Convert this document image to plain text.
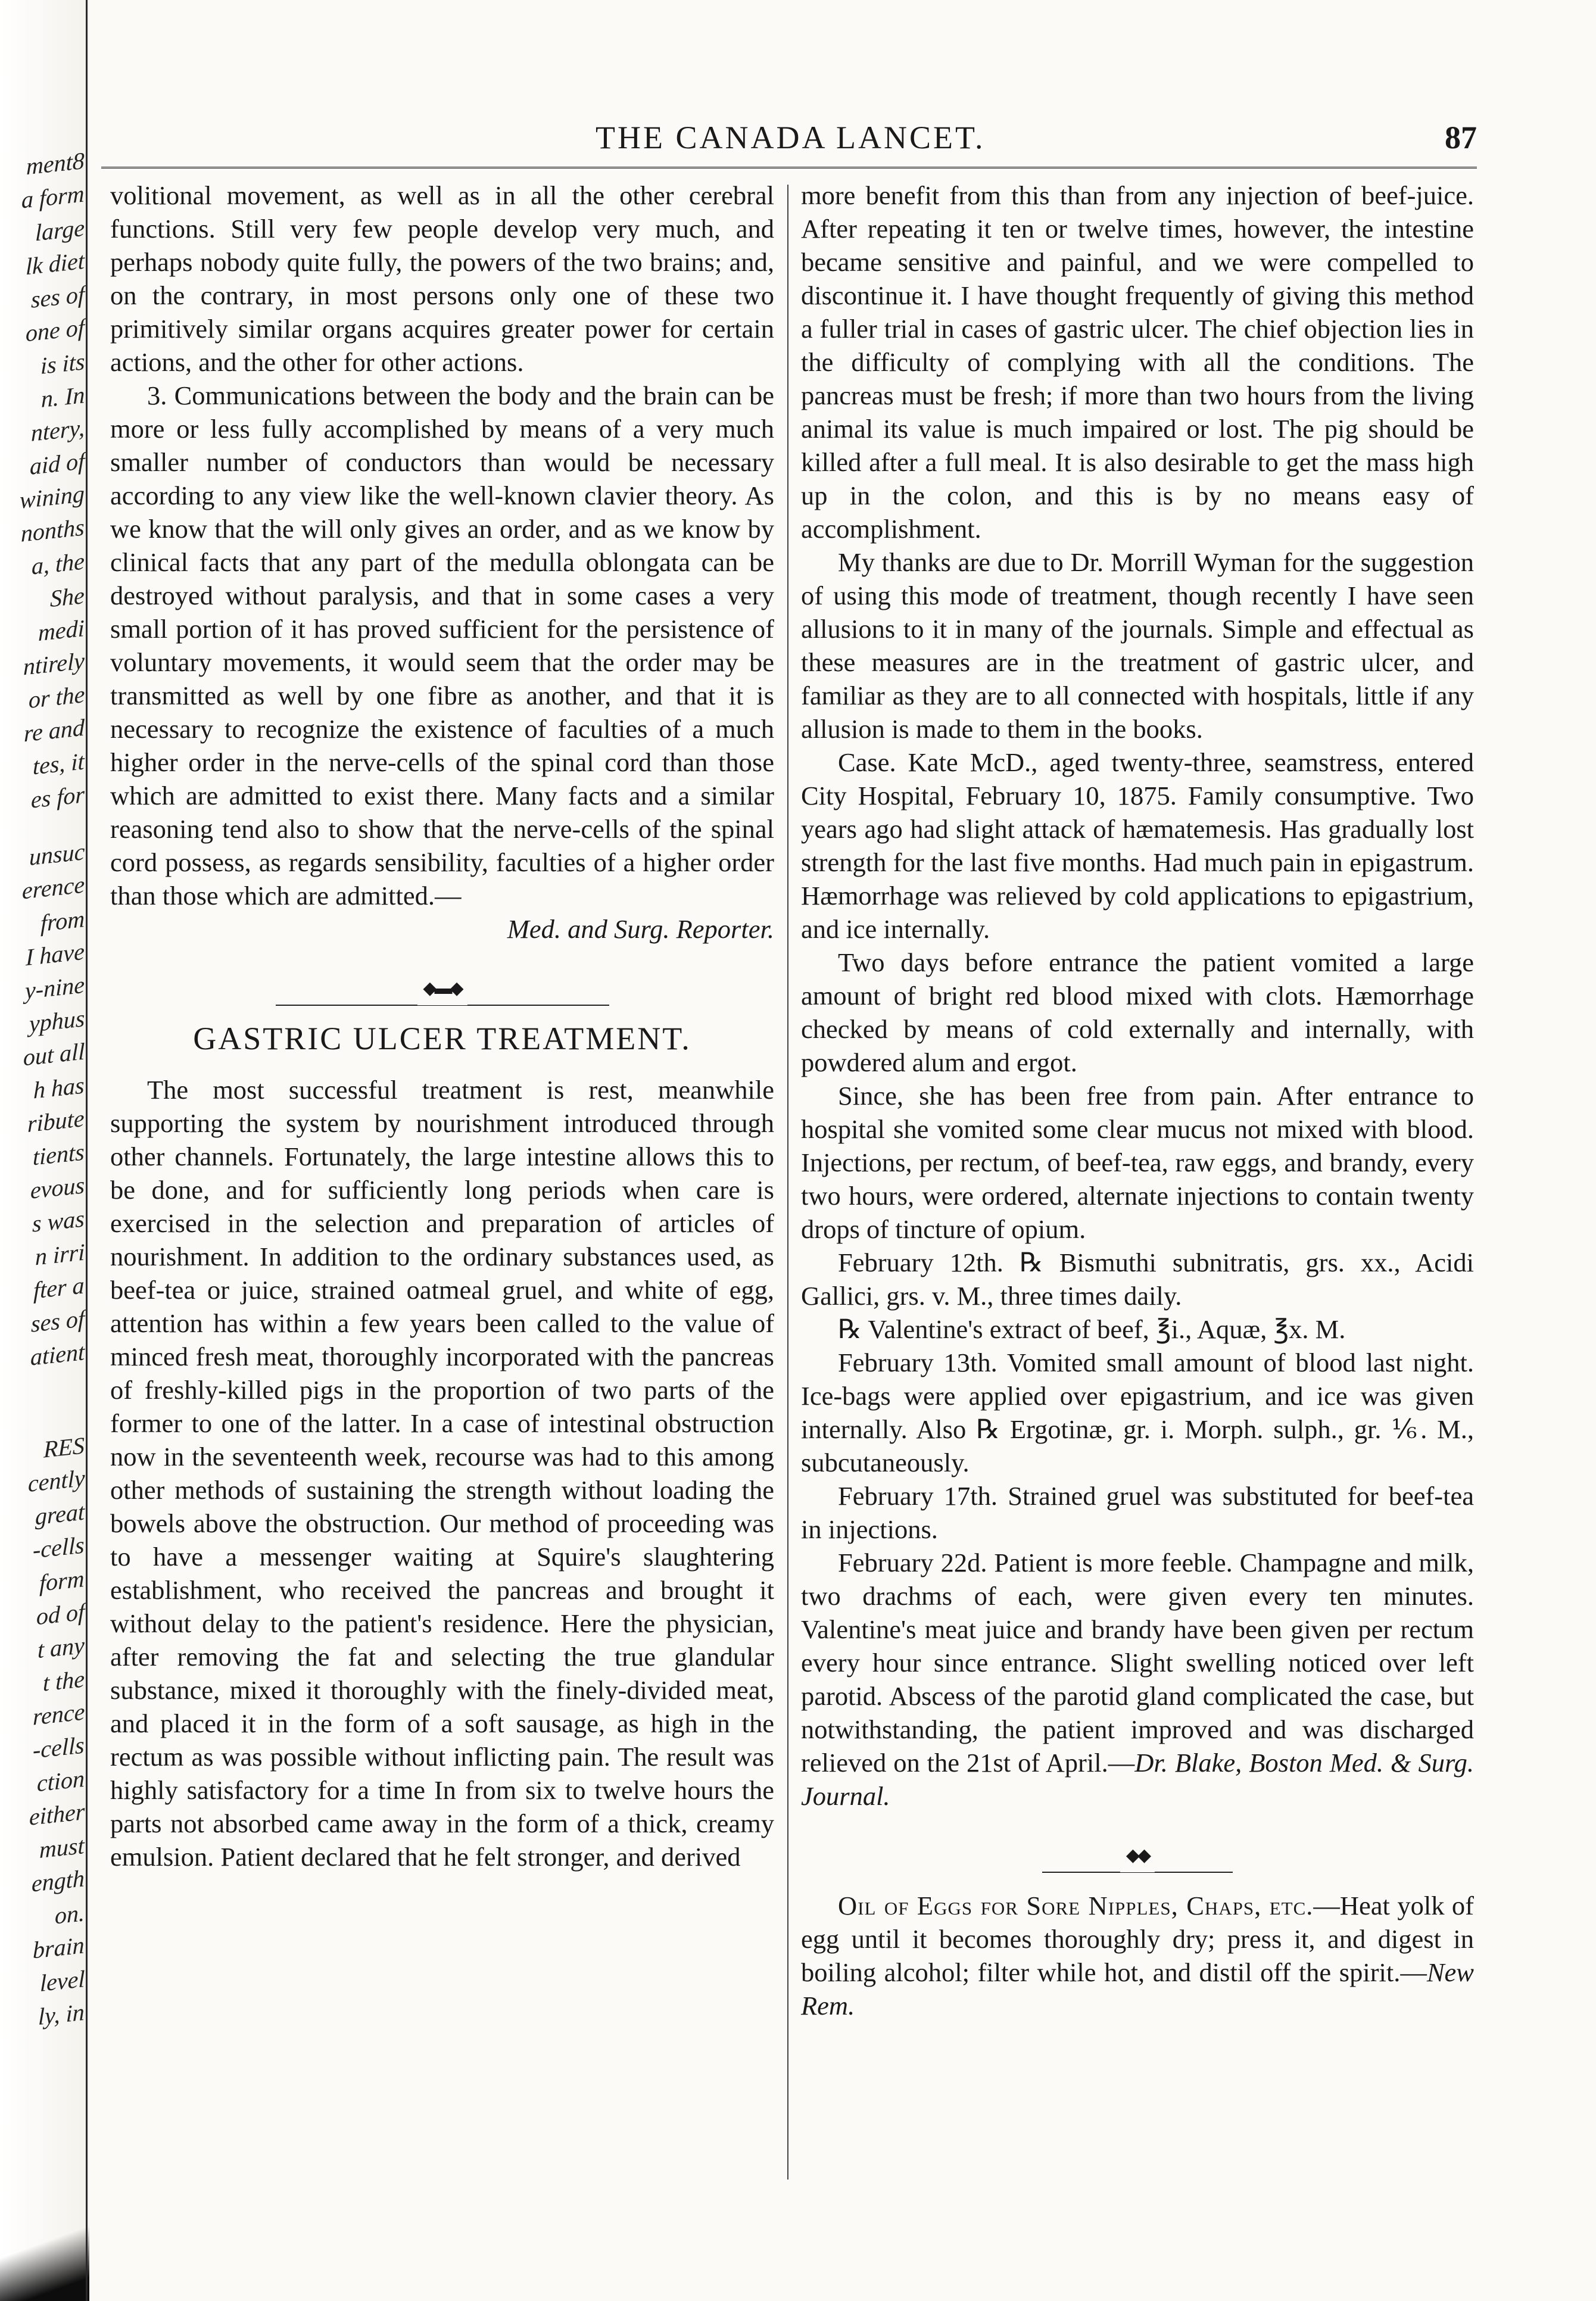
ment8
a form
large
lk diet
ses of
one of
is its
n. In
ntery,
aid of
wining
nonths
a, the
She
medi
ntirely
or the
re and
tes, it
es for
unsuc
erence
from
I have
y-nine
yphus
out all
h has
ribute
tients
evous
s was
n irri
fter a
ses of
atient
RES
cently
great
-cells
form
od of
t any
t the
rence
-cells
ction
either
must
ength
on.
brain
level
ly, in
THE CANADA LANCET.	87

volitional movement, as well as in all the other cerebral functions. Still very few people develop very much, and perhaps nobody quite fully, the powers of the two brains; and, on the contrary, in most persons only one of these two primitively similar organs acquires greater power for certain actions, and the other for other actions.

3. Communications between the body and the brain can be more or less fully accomplished by means of a very much smaller number of conductors than would be necessary according to any view like the well-known clavier theory. As we know that the will only gives an order, and as we know by clinical facts that any part of the medulla oblongata can be destroyed without paralysis, and that in some cases a very small portion of it has proved sufficient for the persistence of voluntary movements, it would seem that the order may be transmitted as well by one fibre as another, and that it is necessary to recognize the existence of faculties of a much higher order in the nerve-cells of the spinal cord than those which are admitted to exist there. Many facts and a similar reasoning tend also to show that the nerve-cells of the spinal cord possess, as regards sensibility, faculties of a higher order than those which are admitted.—

Med. and Surg. Reporter.

◆▬◆
GASTRIC ULCER TREATMENT.

The most successful treatment is rest, meanwhile supporting the system by nourishment introduced through other channels. Fortunately, the large intestine allows this to be done, and for sufficiently long periods when care is exercised in the selection and preparation of articles of nourishment. In addition to the ordinary substances used, as beef-tea or juice, strained oatmeal gruel, and white of egg, attention has within a few years been called to the value of minced fresh meat, thoroughly incorporated with the pancreas of freshly-killed pigs in the proportion of two parts of the former to one of the latter. In a case of intestinal obstruction now in the seventeenth week, recourse was had to this among other methods of sustaining the strength without loading the bowels above the obstruction. Our method of proceeding was to have a messenger waiting at Squire's slaughtering establishment, who received the pancreas and brought it without delay to the patient's residence. Here the physician, after removing the fat and selecting the true glandular substance, mixed it thoroughly with the finely-divided meat, and placed it in the form of a soft sausage, as high in the rectum as was possible without inflicting pain. The result was highly satisfactory for a time In from six to twelve hours the parts not absorbed came away in the form of a thick, creamy emulsion. Patient declared that he felt stronger, and derived

more benefit from this than from any injection of beef-juice. After repeating it ten or twelve times, however, the intestine became sensitive and painful, and we were compelled to discontinue it. I have thought frequently of giving this method a fuller trial in cases of gastric ulcer. The chief objection lies in the difficulty of complying with all the conditions. The pancreas must be fresh; if more than two hours from the living animal its value is much impaired or lost. The pig should be killed after a full meal. It is also desirable to get the mass high up in the colon, and this is by no means easy of accomplishment.

My thanks are due to Dr. Morrill Wyman for the suggestion of using this mode of treatment, though recently I have seen allusions to it in many of the journals. Simple and effectual as these measures are in the treatment of gastric ulcer, and familiar as they are to all connected with hospitals, little if any allusion is made to them in the books.

Case. Kate McD., aged twenty-three, seamstress, entered City Hospital, February 10, 1875. Family consumptive. Two years ago had slight attack of hæmatemesis. Has gradually lost strength for the last five months. Had much pain in epigastrum. Hæmorrhage was relieved by cold applications to epigastrium, and ice internally.

Two days before entrance the patient vomited a large amount of bright red blood mixed with clots. Hæmorrhage checked by means of cold externally and internally, with powdered alum and ergot.

Since, she has been free from pain. After entrance to hospital she vomited some clear mucus not mixed with blood. Injections, per rectum, of beef-tea, raw eggs, and brandy, every two hours, were ordered, alternate injections to contain twenty drops of tincture of opium.

February 12th. ℞ Bismuthi subnitratis, grs. xx., Acidi Gallici, grs. v. M., three times daily.

℞ Valentine's extract of beef, ℥i., Aquæ, ℥x. M.

February 13th. Vomited small amount of blood last night. Ice-bags were applied over epigastrium, and ice was given internally. Also ℞ Ergotinæ, gr. i. Morph. sulph., gr. ⅙. M., subcutaneously.

February 17th. Strained gruel was substituted for beef-tea in injections.

February 22d. Patient is more feeble. Champagne and milk, two drachms of each, were given every ten minutes. Valentine's meat juice and brandy have been given per rectum every hour since entrance. Slight swelling noticed over left parotid. Abscess of the parotid gland complicated the case, but notwithstanding, the patient improved and was discharged relieved on the 21st of April.—Dr. Blake, Boston Med. & Surg. Journal.

◆◆

Oil of Eggs for Sore Nipples, Chaps, etc.—Heat yolk of egg until it becomes thoroughly dry; press it, and digest in boiling alcohol; filter while hot, and distil off the spirit.—New Rem.
